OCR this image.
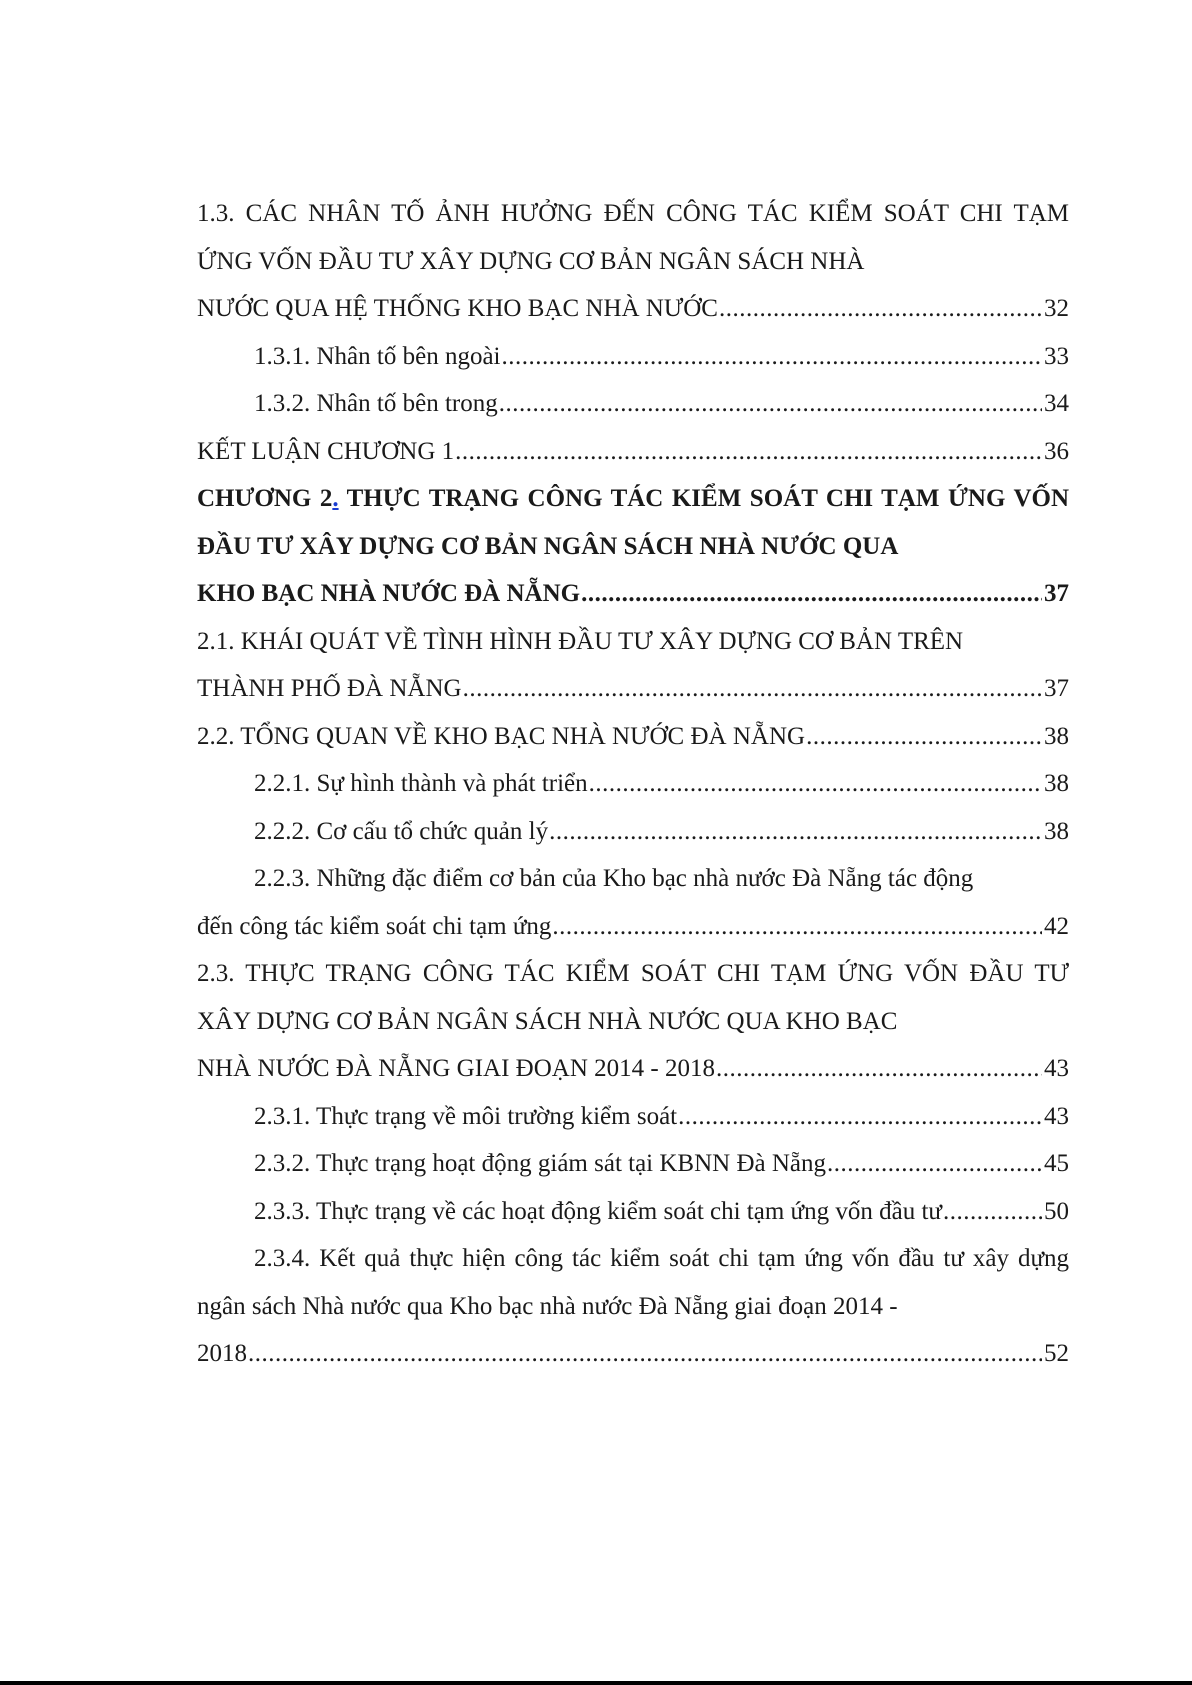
1.3. CÁC NHÂN TỐ ẢNH HƯỞNG ĐẾN CÔNG TÁC KIỂM SOÁT CHI TẠM ỨNG VỐN ĐẦU TƯ XÂY DỰNG CƠ BẢN NGÂN SÁCH NHÀ
NƯỚC QUA HỆ THỐNG KHO BẠC NHÀ NƯỚC .....	32
1.3.1. Nhân tố bên ngoài .....	33
1.3.2. Nhân tố bên trong .....	34
KẾT LUẬN CHƯƠNG 1 .....	36
CHƯƠNG 2. THỰC TRẠNG CÔNG TÁC KIỂM SOÁT CHI TẠM ỨNG VỐN ĐẦU TƯ XÂY DỰNG CƠ BẢN NGÂN SÁCH NHÀ NƯỚC QUA
KHO BẠC NHÀ NƯỚC ĐÀ NẴNG .....	37
2.1. KHÁI QUÁT VỀ TÌNH HÌNH ĐẦU TƯ XÂY DỰNG CƠ BẢN TRÊN
THÀNH PHỐ ĐÀ NẴNG .....	37
2.2. TỔNG QUAN VỀ KHO BẠC NHÀ NƯỚC ĐÀ NẴNG .....	38
2.2.1. Sự hình thành và phát triển .....	38
2.2.2. Cơ cấu tổ chức quản lý .....	38
2.2.3. Những đặc điểm cơ bản của Kho bạc nhà nước Đà Nẵng tác động
đến công tác kiểm soát chi tạm ứng .....	42
2.3. THỰC TRẠNG CÔNG TÁC KIỂM SOÁT CHI TẠM ỨNG VỐN ĐẦU TƯ XÂY DỰNG CƠ BẢN NGÂN SÁCH NHÀ NƯỚC QUA KHO BẠC
NHÀ NƯỚC ĐÀ NẴNG GIAI ĐOẠN 2014 - 2018 .....	43
2.3.1. Thực trạng về môi trường kiểm soát .....	43
2.3.2. Thực trạng hoạt động giám sát tại KBNN Đà Nẵng .....	45
2.3.3. Thực trạng về các hoạt động kiểm soát chi tạm ứng vốn đầu tư .....	50
2.3.4. Kết quả thực hiện công tác kiểm soát chi tạm ứng vốn đầu tư xây dựng ngân sách Nhà nước qua Kho bạc nhà nước Đà Nẵng giai đoạn 2014 -
2018 .....	52
